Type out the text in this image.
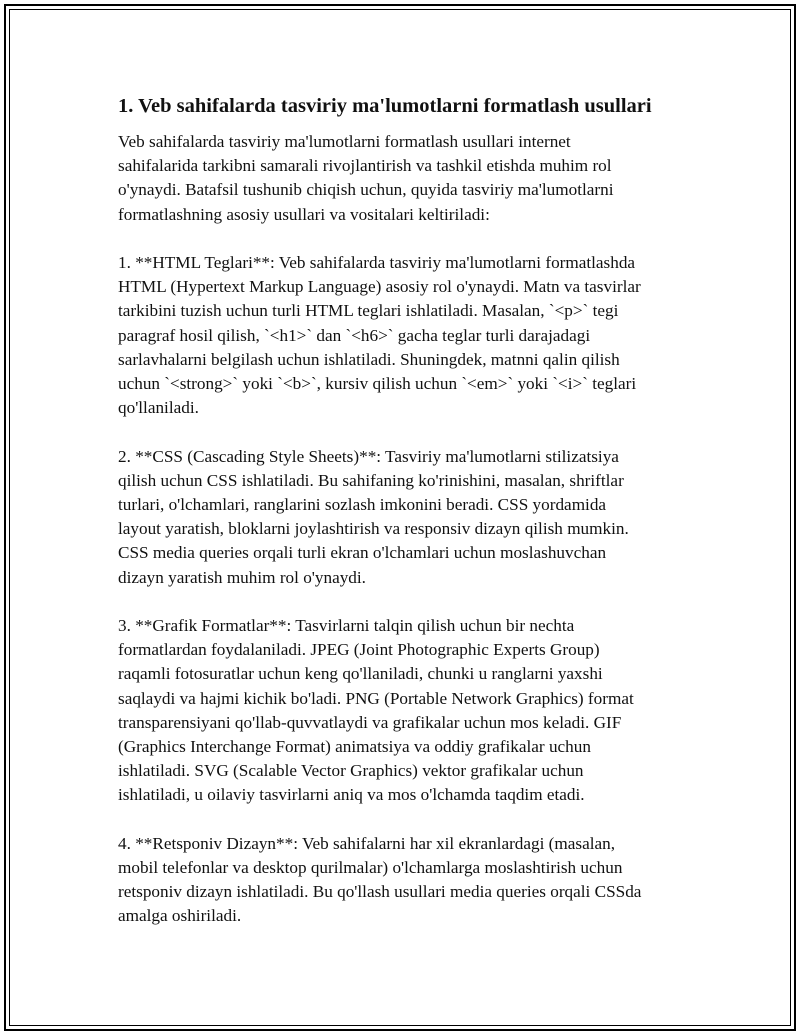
1. Veb sahifalarda tasviriy ma'lumotlarni formatlash usullari
Veb sahifalarda tasviriy ma'lumotlarni formatlash usullari internet
sahifalarida tarkibni samarali rivojlantirish va tashkil etishda muhim rol
o'ynaydi. Batafsil tushunib chiqish uchun, quyida tasviriy ma'lumotlarni
formatlashning asosiy usullari va vositalari keltiriladi:
1. **HTML Teglari**: Veb sahifalarda tasviriy ma'lumotlarni formatlashda
HTML (Hypertext Markup Language) asosiy rol o'ynaydi. Matn va tasvirlar
tarkibini tuzish uchun turli HTML teglari ishlatiladi. Masalan, `<p>` tegi
paragraf hosil qilish, `<h1>` dan `<h6>` gacha teglar turli darajadagi
sarlavhalarni belgilash uchun ishlatiladi. Shuningdek, matnni qalin qilish
uchun `<strong>` yoki `<b>`, kursiv qilish uchun `<em>` yoki `<i>` teglari
qo'llaniladi.
2. **CSS (Cascading Style Sheets)**: Tasviriy ma'lumotlarni stilizatsiya
qilish uchun CSS ishlatiladi. Bu sahifaning ko'rinishini, masalan, shriftlar
turlari, o'lchamlari, ranglarini sozlash imkonini beradi. CSS yordamida
layout yaratish, bloklarni joylashtirish va responsiv dizayn qilish mumkin.
CSS media queries orqali turli ekran o'lchamlari uchun moslashuvchan
dizayn yaratish muhim rol o'ynaydi.
3. **Grafik Formatlar**: Tasvirlarni talqin qilish uchun bir nechta
formatlardan foydalaniladi. JPEG (Joint Photographic Experts Group)
raqamli fotosuratlar uchun keng qo'llaniladi, chunki u ranglarni yaxshi
saqlaydi va hajmi kichik bo'ladi. PNG (Portable Network Graphics) format
transparensiyani qo'llab-quvvatlaydi va grafikalar uchun mos keladi. GIF
(Graphics Interchange Format) animatsiya va oddiy grafikalar uchun
ishlatiladi. SVG (Scalable Vector Graphics) vektor grafikalar uchun
ishlatiladi, u oilaviy tasvirlarni aniq va mos o'lchamda taqdim etadi.
4. **Retsponiv Dizayn**: Veb sahifalarni har xil ekranlardagi (masalan,
mobil telefonlar va desktop qurilmalar) o'lchamlarga moslashtirish uchun
retsponiv dizayn ishlatiladi. Bu qo'llash usullari media queries orqali CSSda
amalga oshiriladi.
